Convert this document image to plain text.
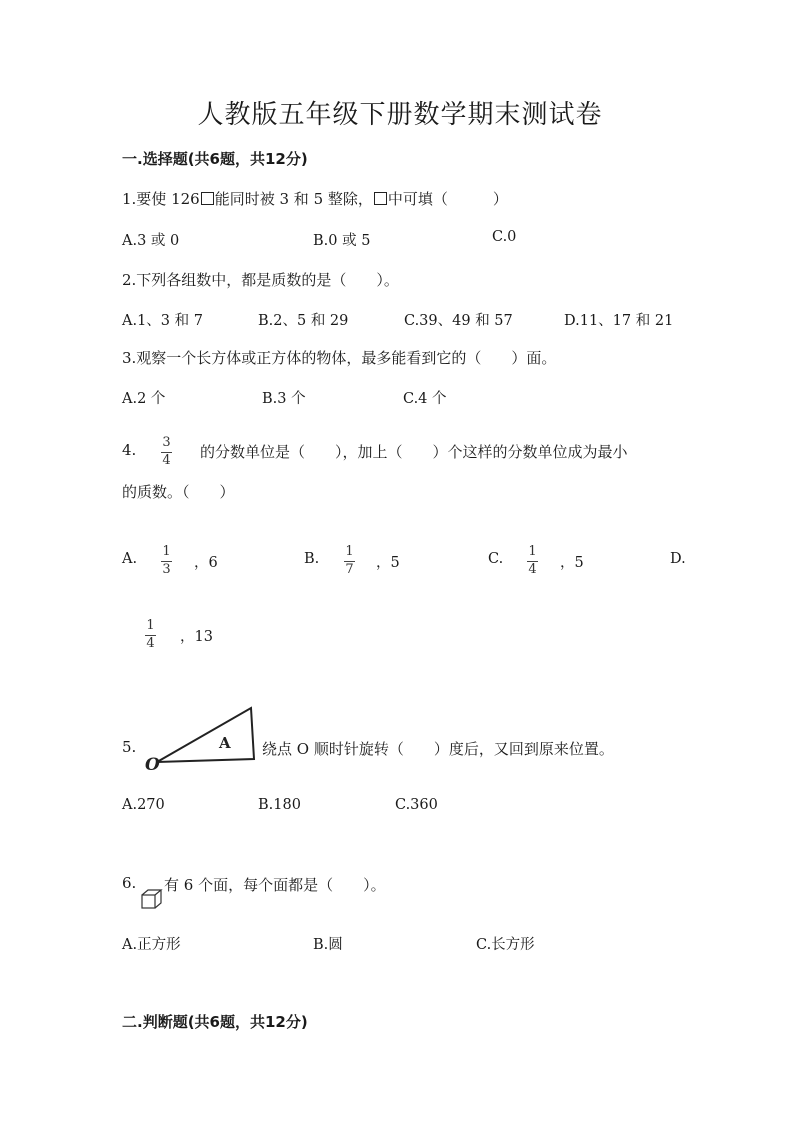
人教版五年级下册数学期末测试卷
一.选择题(共6题，共12分)
1.要使 126 能同时被 3 和 5 整除， 中可填（　　　）
A.3 或 0	B.0 或 5	C.0
2.下列各组数中，都是质数的是（　　）。
A.1、3 和 7	B.2、5 和 29	C.39、49 和 57	D.11、17 和 21
3.观察一个长方体或正方体的物体，最多能看到它的（　　）面。
A.2 个	B.3 个	C.4 个
4. 3
4 的分数单位是（　　），加上（　　）个这样的分数单位成为最小
的质数。（　　）
A. 1
3 ，6	B. 1
7 ，5	C. 1
4 ，5	D.
1
4 ，13
5.
O
A 绕点 O 顺时针旋转（　　）度后，又回到原来位置。
A.270	B.180	C.360
6. 有 6 个面，每个面都是（　　）。
A.正方形	B.圆	C.长方形
二.判断题(共6题，共12分)
